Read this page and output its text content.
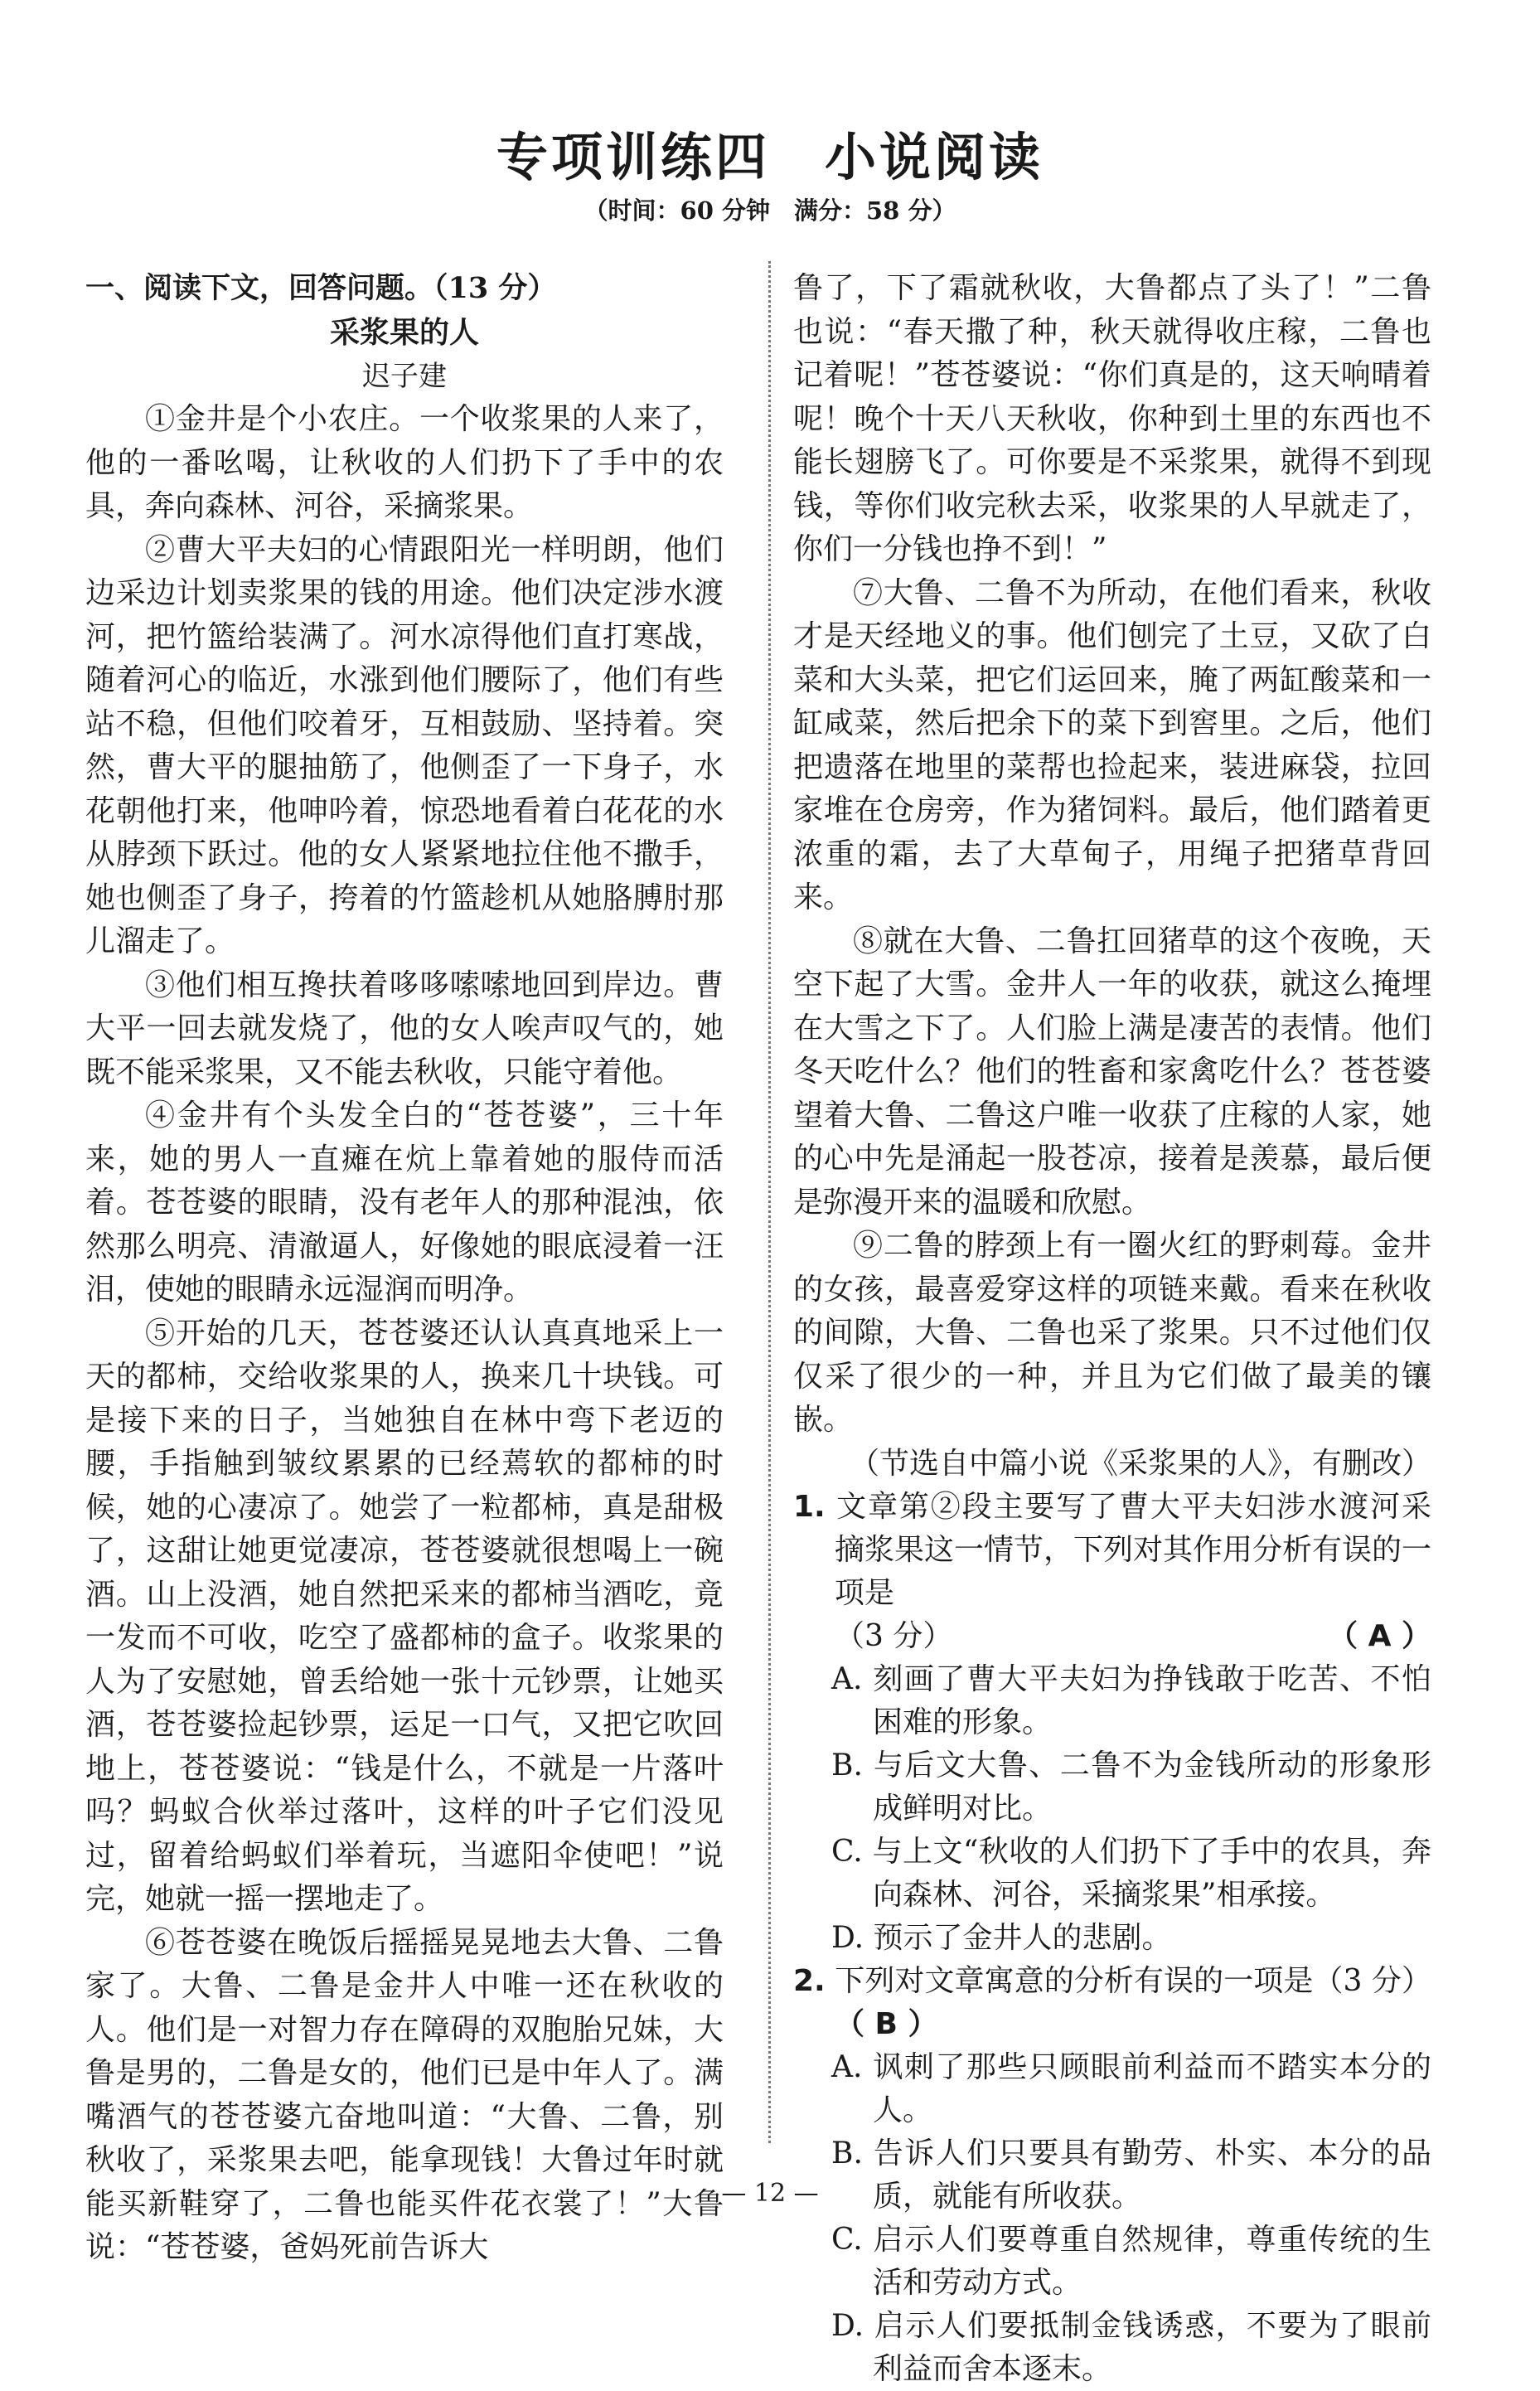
专项训练四　小说阅读
（时间：60 分钟　满分：58 分）

一、阅读下文，回答问题。（13 分）

采浆果的人

迟子建

①金井是个小农庄。一个收浆果的人来了，他的一番吆喝，让秋收的人们扔下了手中的农具，奔向森林、河谷，采摘浆果。

②曹大平夫妇的心情跟阳光一样明朗，他们边采边计划卖浆果的钱的用途。他们决定涉水渡河，把竹篮给装满了。河水凉得他们直打寒战，随着河心的临近，水涨到他们腰际了，他们有些站不稳，但他们咬着牙，互相鼓励、坚持着。突然，曹大平的腿抽筋了，他侧歪了一下身子，水花朝他打来，他呻吟着，惊恐地看着白花花的水从脖颈下跃过。他的女人紧紧地拉住他不撒手，她也侧歪了身子，挎着的竹篮趁机从她胳膊肘那儿溜走了。

③他们相互搀扶着哆哆嗦嗦地回到岸边。曹大平一回去就发烧了，他的女人唉声叹气的，她既不能采浆果，又不能去秋收，只能守着他。

④金井有个头发全白的“苍苍婆”，三十年来，她的男人一直瘫在炕上靠着她的服侍而活着。苍苍婆的眼睛，没有老年人的那种混浊，依然那么明亮、清澈逼人，好像她的眼底浸着一汪泪，使她的眼睛永远湿润而明净。

⑤开始的几天，苍苍婆还认认真真地采上一天的都柿，交给收浆果的人，换来几十块钱。可是接下来的日子，当她独自在林中弯下老迈的腰，手指触到皱纹累累的已经蔫软的都柿的时候，她的心凄凉了。她尝了一粒都柿，真是甜极了，这甜让她更觉凄凉，苍苍婆就很想喝上一碗酒。山上没酒，她自然把采来的都柿当酒吃，竟一发而不可收，吃空了盛都柿的盒子。收浆果的人为了安慰她，曾丢给她一张十元钞票，让她买酒，苍苍婆捡起钞票，运足一口气，又把它吹回地上，苍苍婆说：“钱是什么，不就是一片落叶吗？蚂蚁合伙举过落叶，这样的叶子它们没见过，留着给蚂蚁们举着玩，当遮阳伞使吧！”说完，她就一摇一摆地走了。

⑥苍苍婆在晚饭后摇摇晃晃地去大鲁、二鲁家了。大鲁、二鲁是金井人中唯一还在秋收的人。他们是一对智力存在障碍的双胞胎兄妹，大鲁是男的，二鲁是女的，他们已是中年人了。满嘴酒气的苍苍婆亢奋地叫道：“大鲁、二鲁，别秋收了，采浆果去吧，能拿现钱！大鲁过年时就能买新鞋穿了，二鲁也能买件花衣裳了！”大鲁说：“苍苍婆，爸妈死前告诉大

鲁了，下了霜就秋收，大鲁都点了头了！”二鲁也说：“春天撒了种，秋天就得收庄稼，二鲁也记着呢！”苍苍婆说：“你们真是的，这天响晴着呢！晚个十天八天秋收，你种到土里的东西也不能长翅膀飞了。可你要是不采浆果，就得不到现钱，等你们收完秋去采，收浆果的人早就走了，你们一分钱也挣不到！”

⑦大鲁、二鲁不为所动，在他们看来，秋收才是天经地义的事。他们刨完了土豆，又砍了白菜和大头菜，把它们运回来，腌了两缸酸菜和一缸咸菜，然后把余下的菜下到窖里。之后，他们把遗落在地里的菜帮也捡起来，装进麻袋，拉回家堆在仓房旁，作为猪饲料。最后，他们踏着更浓重的霜，去了大草甸子，用绳子把猪草背回来。

⑧就在大鲁、二鲁扛回猪草的这个夜晚，天空下起了大雪。金井人一年的收获，就这么掩埋在大雪之下了。人们脸上满是凄苦的表情。他们冬天吃什么？他们的牲畜和家禽吃什么？苍苍婆望着大鲁、二鲁这户唯一收获了庄稼的人家，她的心中先是涌起一股苍凉，接着是羡慕，最后便是弥漫开来的温暖和欣慰。

⑨二鲁的脖颈上有一圈火红的野刺莓。金井的女孩，最喜爱穿这样的项链来戴。看来在秋收的间隙，大鲁、二鲁也采了浆果。只不过他们仅仅采了很少的一种，并且为它们做了最美的镶嵌。

（节选自中篇小说《采浆果的人》，有删改）

1. 文章第②段主要写了曹大平夫妇涉水渡河采摘浆果这一情节，下列对其作用分析有误的一项是

（3 分）	（ A ）

A. 刻画了曹大平夫妇为挣钱敢于吃苦、不怕困难的形象。

B. 与后文大鲁、二鲁不为金钱所动的形象形成鲜明对比。

C. 与上文“秋收的人们扔下了手中的农具，奔向森林、河谷，采摘浆果”相承接。

D. 预示了金井人的悲剧。

2. 下列对文章寓意的分析有误的一项是（3 分）（ B ）

A. 讽刺了那些只顾眼前利益而不踏实本分的人。

B. 告诉人们只要具有勤劳、朴实、本分的品质，就能有所收获。

C. 启示人们要尊重自然规律，尊重传统的生活和劳动方式。

D. 启示人们要抵制金钱诱惑，不要为了眼前利益而舍本逐末。

— 12 —
